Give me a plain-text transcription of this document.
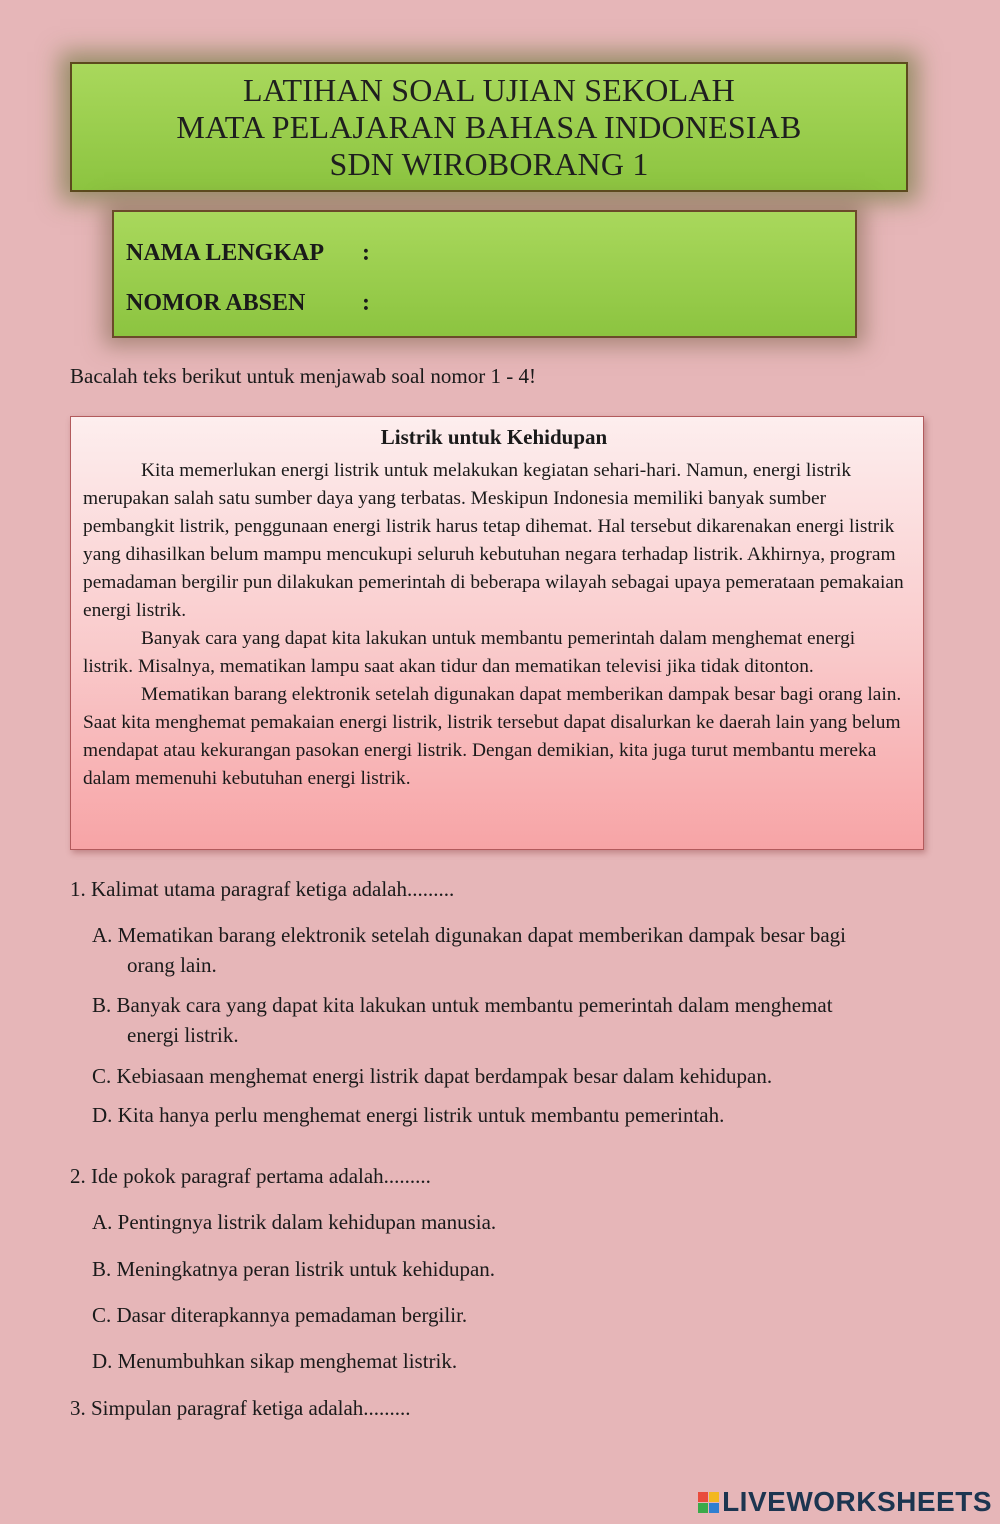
LATIHAN SOAL UJIAN SEKOLAH
MATA PELAJARAN BAHASA INDONESIAB
SDN WIROBORANG 1
NAMA LENGKAP :
NOMOR ABSEN :
Bacalah teks berikut untuk menjawab soal nomor 1 - 4!
Listrik untuk Kehidupan

Kita memerlukan energi listrik untuk melakukan kegiatan sehari-hari. Namun, energi listrik merupakan salah satu sumber daya yang terbatas. Meskipun Indonesia memiliki banyak sumber pembangkit listrik, penggunaan energi listrik harus tetap dihemat. Hal tersebut dikarenakan energi listrik yang dihasilkan belum mampu mencukupi seluruh kebutuhan negara terhadap listrik. Akhirnya, program pemadaman bergilir pun dilakukan pemerintah di beberapa wilayah sebagai upaya pemerataan pemakaian energi listrik.

Banyak cara yang dapat kita lakukan untuk membantu pemerintah dalam menghemat energi listrik. Misalnya, mematikan lampu saat akan tidur dan mematikan televisi jika tidak ditonton.

Mematikan barang elektronik setelah digunakan dapat memberikan dampak besar bagi orang lain. Saat kita menghemat pemakaian energi listrik, listrik tersebut dapat disalurkan ke daerah lain yang belum mendapat atau kekurangan pasokan energi listrik. Dengan demikian, kita juga turut membantu mereka dalam memenuhi kebutuhan energi listrik.

1. Kalimat utama paragraf ketiga adalah.........
A. Mematikan barang elektronik setelah digunakan dapat memberikan dampak besar bagi
orang lain.
B. Banyak cara yang dapat kita lakukan untuk membantu pemerintah dalam menghemat
energi listrik.
C. Kebiasaan menghemat energi listrik dapat berdampak besar dalam kehidupan.
D. Kita hanya perlu menghemat energi listrik untuk membantu pemerintah.
2. Ide pokok paragraf pertama adalah.........
A. Pentingnya listrik dalam kehidupan manusia.
B. Meningkatnya peran listrik untuk kehidupan.
C. Dasar diterapkannya pemadaman bergilir.
D. Menumbuhkan sikap menghemat listrik.
3. Simpulan paragraf ketiga adalah.........
LIVEWORKSHEETS
